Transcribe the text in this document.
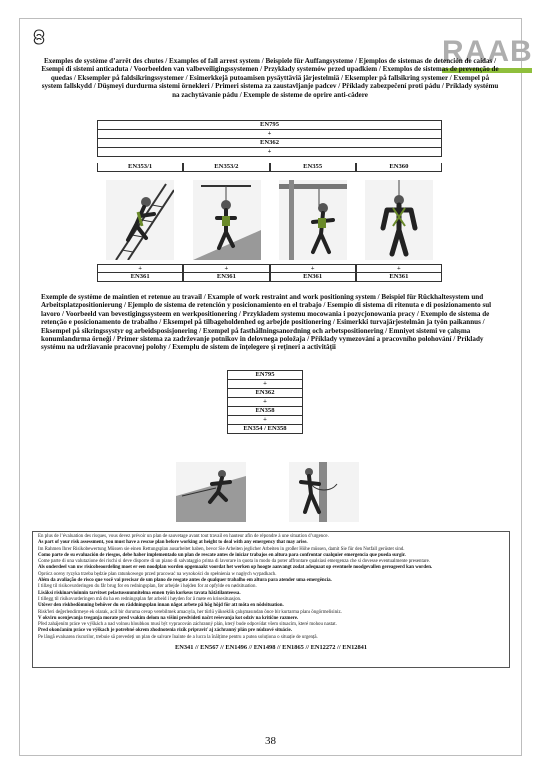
RAAB
Exemples de système d’arrêt des chutes / Examples of fall arrest system / Beispiele für Auffangsysteme / Ejemplos de sistemas de detención de caídas / Esempi di sistemi anticaduta / Voorbeelden van valbeveiligingssystemen / Przykłady systemów przed upadkiem / Exemplos de sistemas de prevenção de quedas / Eksempler på faldsikringssystemer / Esimerkkejä putoamisen pysäyttäviä järjestelmiä / Eksempler på fallsikring systemer / Exempel på system fallskydd / Düşmeyi durdurma sistemi örnekleri / Primeri sistema za zaustavljanje padcev / Příklady zabezpečení proti pádu / Príklady systému na zachytávanie pádu / Exemple de sisteme de oprire anti-cădere
EN795
+
EN362
+
EN353/1	EN353/2	EN355	EN360
+	+	+	+
EN361	EN361	EN361	EN361
Exemple de système de maintien et retenue au travail / Example of work restraint and work positioning system / Beispiel für Rückhaltesystem und Arbeitsplatzpositionierung / Ejemplo de sistema de retención y posicionamiento en el trabajo / Esempio di sistema di ritenuta e di posizionamento sul lavoro / Voorbeeld van bevestigingssysteem en werkpositionering / Przykładem systemu mocowania i pozycjonowania pracy / Exemplo de sistema de retenção e posicionamento de trabalho / Eksempel på tilbageholdenhed og arbejde positionering / Esimerkki turvajärjestelmän ja työn paikannus / Eksempel på sikringssystyr og arbeidsposisjonering / Exempel på fasthållningsanordning och arbetspositionering / Emniyet sistemi ve çalışma konumlandırma örneği / Primer sistema za zadrževanje potnikov in delovnega položaja / Příklady vymezování a pracovního polohování / Príklady systému na udržiavanie pracovnej polohy / Exemplu de sistem de înțelegere și rețineri a activității
EN795
+
EN362
+
EN358
+
EN354 / EN358

En plus de l’évaluation des risques, vous devez prévoir un plan de sauvetage avant tout travail en hauteur afin de répondre à une situation d’urgence.

As part of your risk assessment, you must have a rescue plan before working at height to deal with any emergency that may arise.

Im Rahmen Ihrer Risikobewertung Müssen sie einen Rettungsplan ausarbeitet haben, bevor Sie Arbeiten jeglicher Arbeiten in großer Höhe müssen, damit Sie für den Notfall gerüstet sind.

Como parte de su evaluación de riesgos, debe haber implementado un plan de rescate antes de iniciar trabajos en altura para confrontar cualquier emergencia que pueda surgir.

Come parte di una valutazione dei rischi si deve disporre di un piano di salvataggio prima di lavorare in quota in modo da poter affrontare qualsiasi emergenza che si dovesse eventualmente presentare.

Als onderdeel van uw risicobeoordeling moet er een noodplan worden opgemaakt voordat het werken op hoogte aanvangt zodat adequaat op eventuele noodgevallen gereageerd kan worden.

Oprócz oceny ryzyka trzeba będzie plan ratunkowego przed pracować na wysokości do spełnienia w nagłych wypadkach.

Além da avaliação de risco que você vai precisar de um plano de resgate antes de qualquer trabalho em altura para atender uma emergência.

I tillæg til risikovurderingen du får brug for en redningsplan, før arbejde i højden for at opfylde en nødsituation.

Lisäksi riskinarvioinnin tarvitset pelastussuunnitelma ennen työn korkeus tavata hätätilanteessa.

I tillegg til risikovurderingen må du ha en redningsplan før arbeid i høyden for å møte en krisesituasjon.

Utöver den riskbedömning behöver du en räddningsplan innan något arbete på hög höjd för att möta en nödsituation.

Risk'leri değerlendirmeye ek olarak, acil bir duruma cevap verebilmek amacıyla, her türlü yükseklik çalışmasından önce bir kurtarma planı öngörmelisiniz.

V okviru ocenjevanja tveganja morate pred vsakim delom na višini predvideti načrt reševanja kot odziv na kritične razmere.

Před zahájením práce ve výškách a nad volnou hloubkou musí být vypracován záchranný plán, který bude odpovídat všem situacím, které mohou nastat.

Pred okončaním práce vo výškach je potrebné okrem zhodnotenia rizík pripraviť aj záchranný plán pre núdzové situácie.

Pe lângă evaluarea riscurilor, trebuie să prevedeți un plan de salvare înainte de a lucra la înălțime pentru a putea soluționa o situație de urgență.

EN341 // EN567 // EN1496 // EN1498 // EN1865 // EN12272 // EN12841
38
